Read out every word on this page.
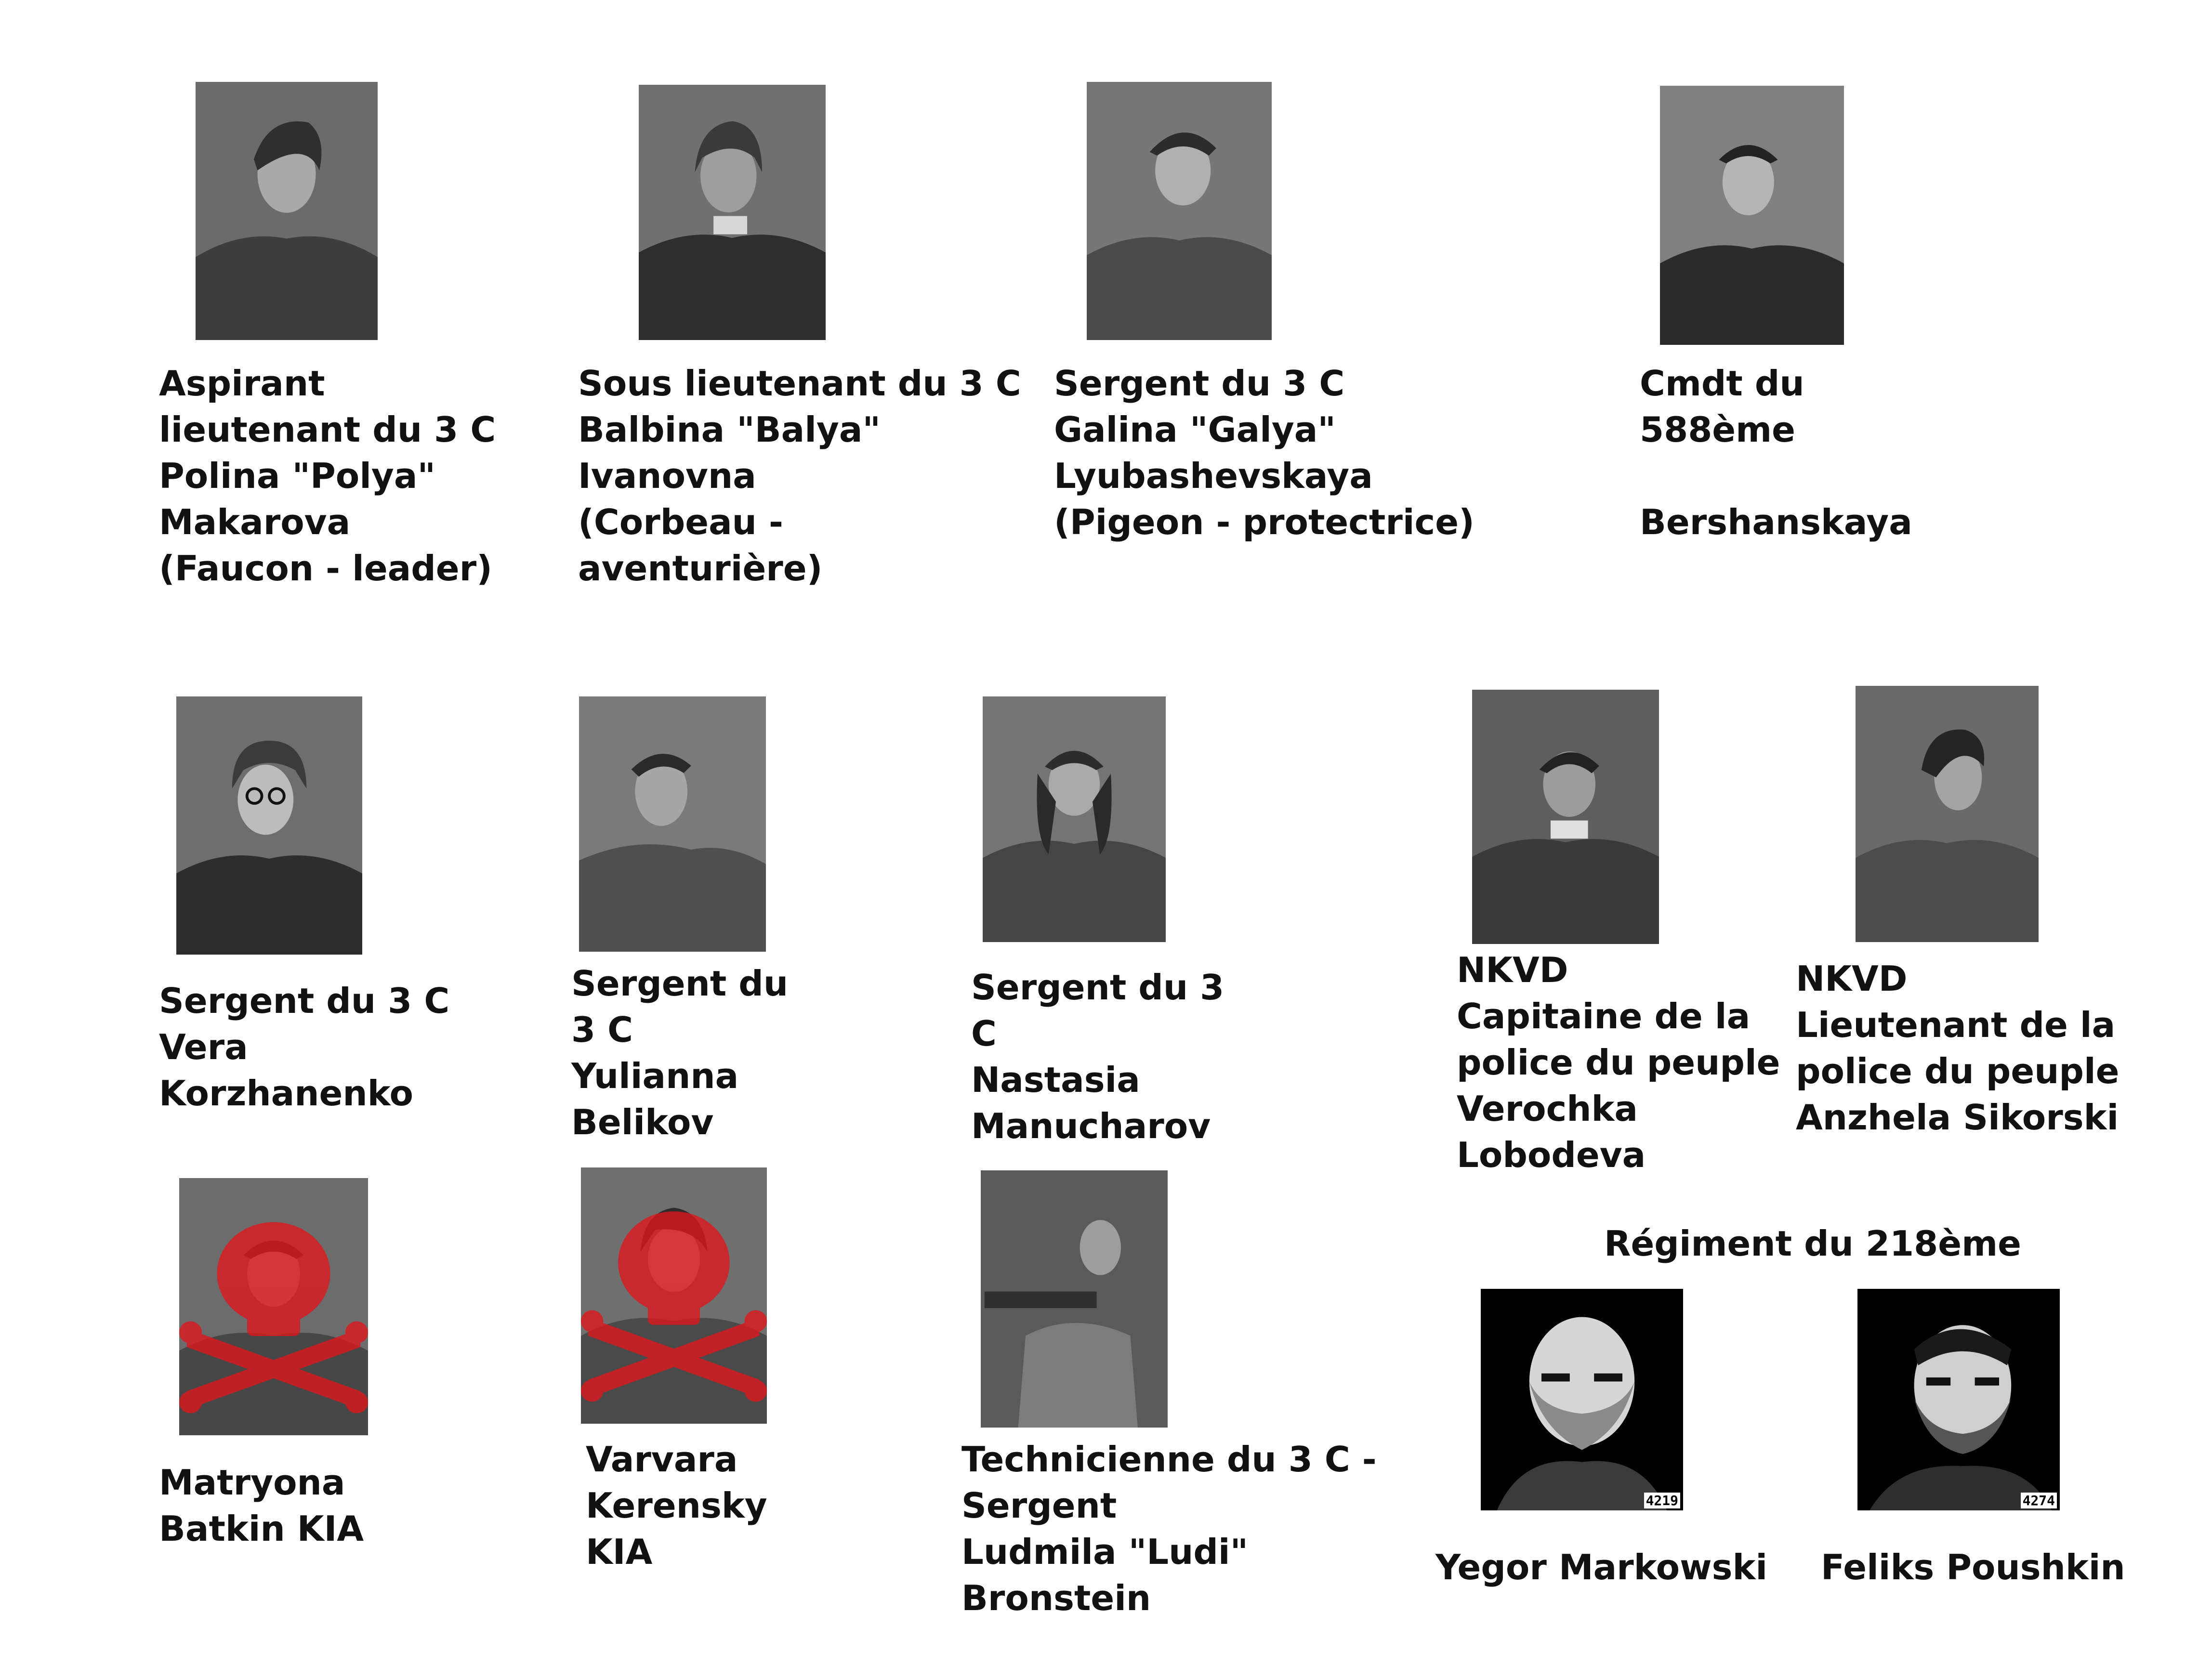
Aspirant
lieutenant du 3 C
Polina "Polya"
Makarova
(Faucon - leader)
Sous lieutenant du 3 C
Balbina "Balya"
Ivanovna
(Corbeau -
aventurière)
Sergent du 3 C
Galina "Galya"
Lyubashevskaya
(Pigeon - protectrice)
Cmdt du
588ème

Bershanskaya
Sergent du 3 C
Vera
Korzhanenko
Sergent du
3 C
Yulianna
Belikov
Sergent du 3
C
Nastasia
Manucharov
NKVD
Capitaine de la
police du peuple
Verochka
Lobodeva
NKVD
Lieutenant de la
police du peuple
Anzhela Sikorski
Matryona
Batkin KIA
Varvara
Kerensky
KIA
Technicienne du 3 C -
Sergent
Ludmila "Ludi"
Bronstein
Régiment du 218ème
4219
Yegor Markowski
4274
Feliks Poushkin
